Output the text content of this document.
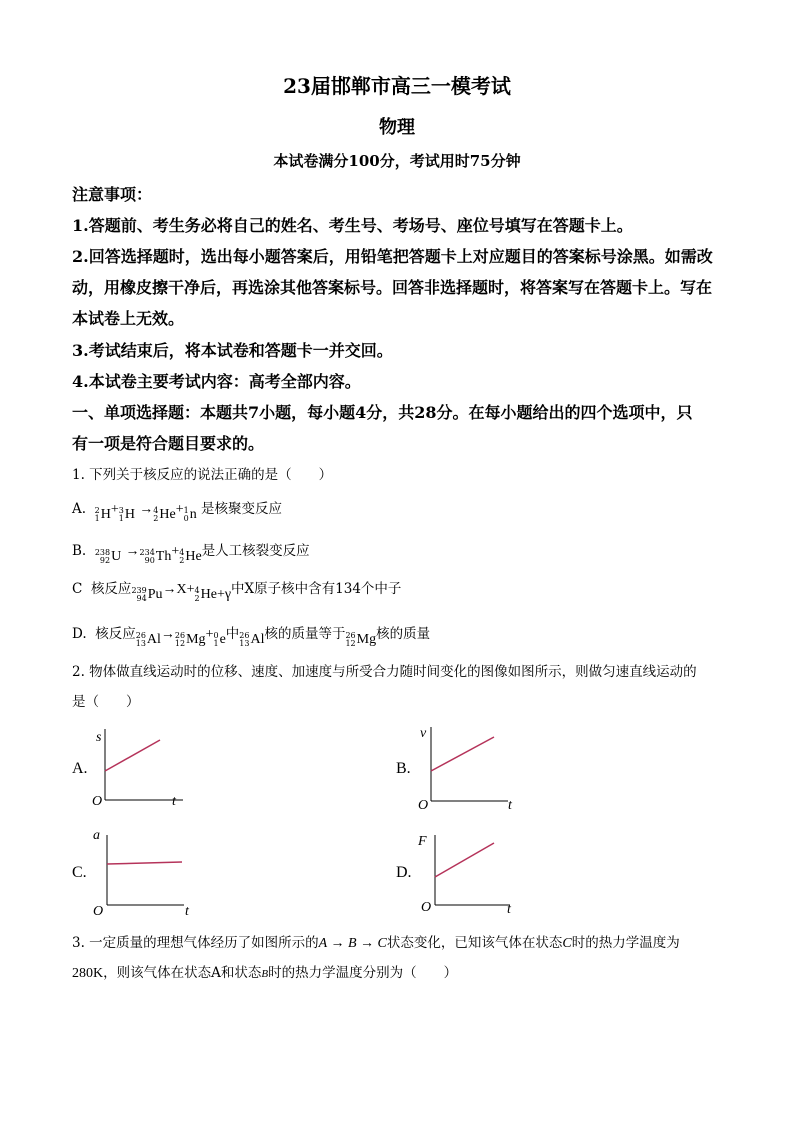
23届邯郸市高三一模考试
物理
本试卷满分100分，考试用时75分钟
注意事项：
1.答题前、考生务必将自己的姓名、考生号、考场号、座位号填写在答题卡上。
2.回答选择题时，选出每小题答案后，用铅笔把答题卡上对应题目的答案标号涂黑。如需改
动，用橡皮擦干净后，再选涂其他答案标号。回答非选择题时，将答案写在答题卡上。写在
本试卷上无效。
3.考试结束后，将本试卷和答题卡一并交回。
4.本试卷主要考试内容：高考全部内容。
一、单项选择题：本题共7小题，每小题4分，共28分。在每小题给出的四个选项中，只
有一项是符合题目要求的。
1. 下列关于核反应的说法正确的是（　　）
A. 2
1 H + 3
1 H → 4
2 He + 1
0 n 是核聚变反应
B. 238
92 U → 234
90 Th + 4
2 He 是人工核裂变反应
C 核反应 239
94 Pu →X+ 4
2 He+γ 中X原子核中含有134个中子
D. 核反应 26
13 Al → 26
12 Mg + 0
1 e 中 26
13 Al 核的质量等于 26
12 Mg 核的质量
2. 物体做直线运动时的位移、速度、加速度与所受合力随时间变化的图像如图所示，则做匀速直线运动的
是（　　）
A.
s
O	t
B.
v
O	t
C.
a
O	t
D.
F
O	t
3. 一定质量的理想气体经历了如图所示的A → B → C状态变化，已知该气体在状态C时的热力学温度为
280K，则该气体在状态A和状态B时的热力学温度分别为（　　）
